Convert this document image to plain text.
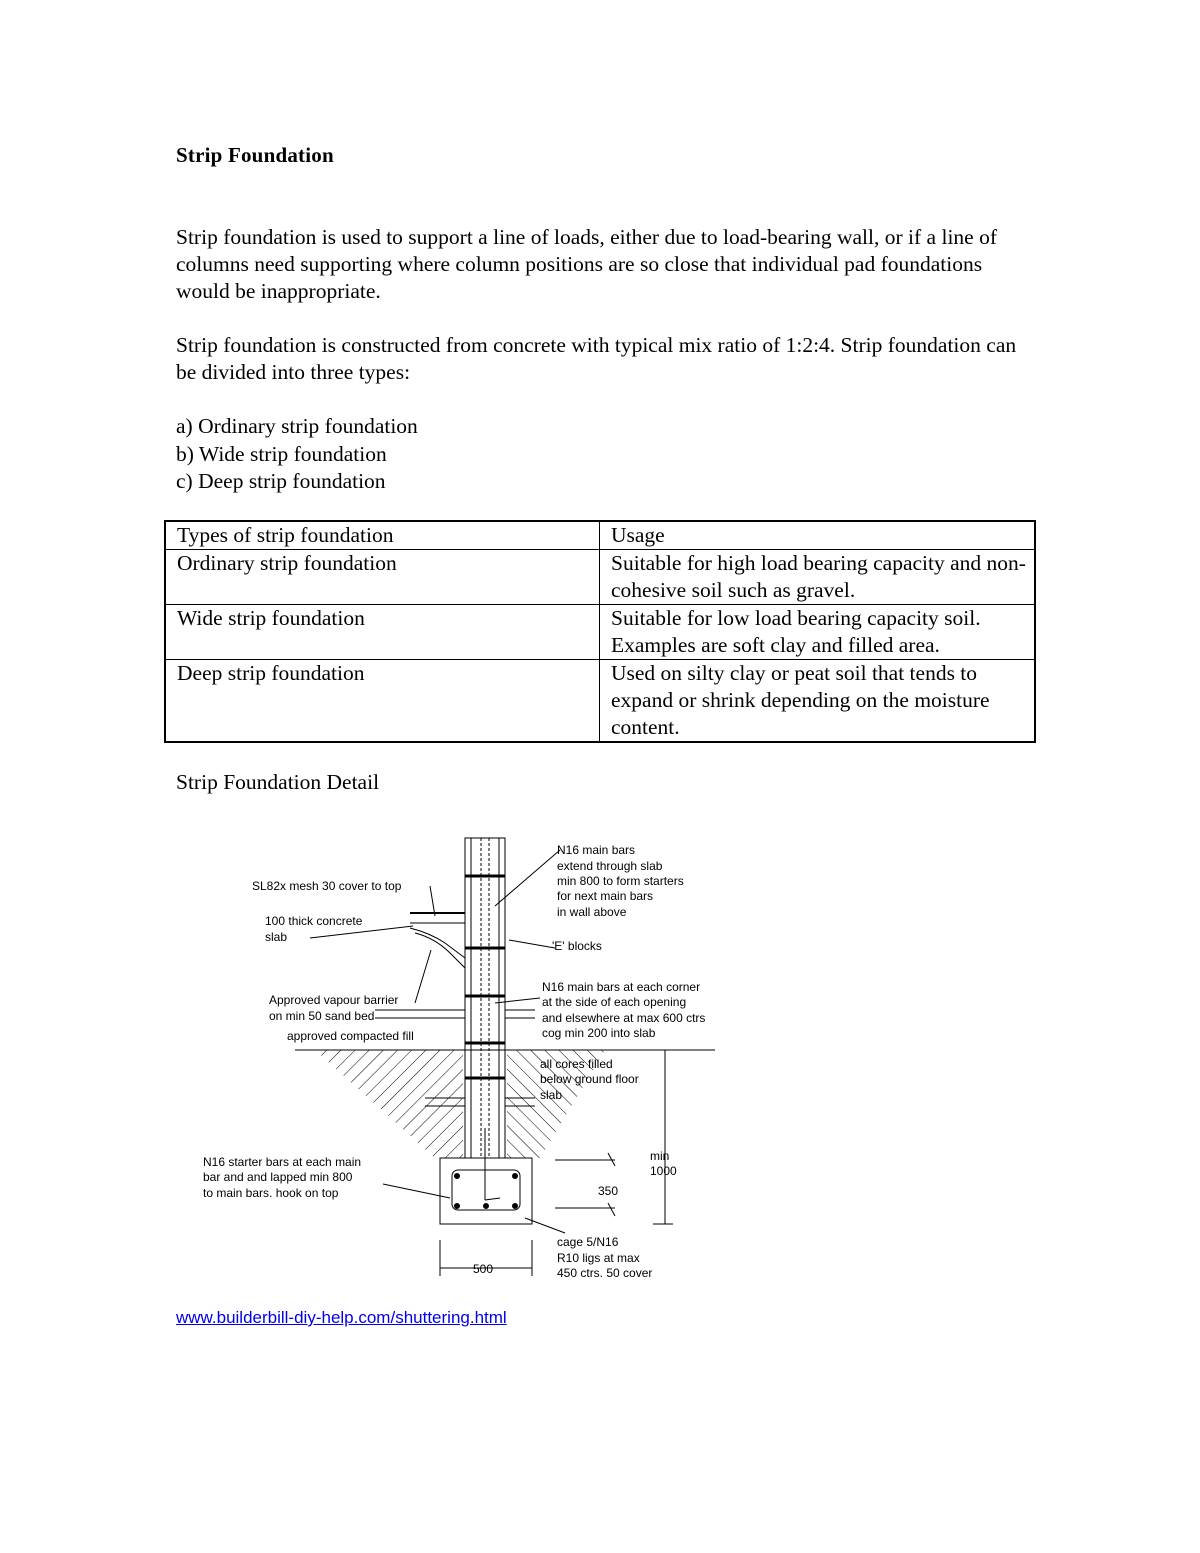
Strip Foundation

Strip foundation is used to support a line of loads, either due to load-bearing wall, or if a line of columns need supporting where column positions are so close that individual pad foundations would be inappropriate.

Strip foundation is constructed from concrete with typical mix ratio of 1:2:4. Strip foundation can be divided into three types:

a) Ordinary strip foundation
b) Wide strip foundation
c) Deep strip foundation
Types of strip foundation	Usage
Ordinary strip foundation	Suitable for high load bearing capacity and non-cohesive soil such as gravel.
Wide strip foundation	Suitable for low load bearing capacity soil. Examples are soft clay and filled area.
Deep strip foundation	Used on silty clay or peat soil that tends to expand or shrink depending on the moisture content.
Strip Foundation Detail
SL82x mesh 30 cover to top
100 thick concrete
slab
Approved vapour barrier
on min 50 sand bed
approved compacted fill
N16 main bars
extend through slab
min 800 to form starters
for next main bars
in wall above
'E' blocks
N16 main bars at each corner
at the side of each opening
and elsewhere at max 600 ctrs
cog min 200 into slab
all cores filled
below ground floor
slab
N16 starter bars at each main
bar and and lapped min 800
to main bars. hook on top	350
min
1000
cage 5/N16
R10 ligs at max
450 ctrs. 50 cover
500
www.builderbill-diy-help.com/shuttering.html
